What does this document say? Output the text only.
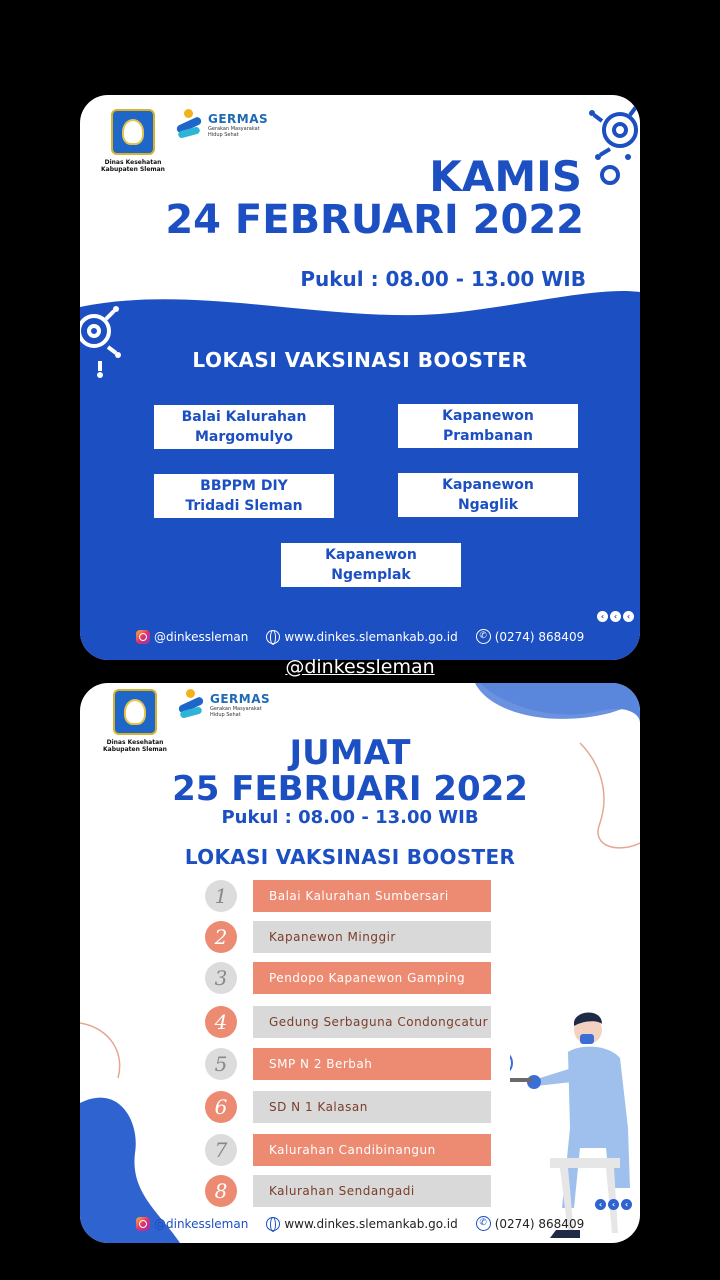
Dinas Kesehatan
Kabupaten Sleman
GERMAS
Gerakan Masyarakat
Hidup Sehat
KAMIS
24 FEBRUARI 2022
Pukul : 08.00 - 13.00 WIB
LOKASI VAKSINASI BOOSTER
Balai Kalurahan
Margomulyo
Kapanewon
Prambanan
BBPPM DIY
Tridadi Sleman
Kapanewon
Ngaglik
Kapanewon
Ngemplak
‹	‹	‹
@dinkessleman	www.dinkes.slemankab.go.id	✆ (0274) 868409
@dinkessleman
Dinas Kesehatan
Kabupaten Sleman
GERMAS
Gerakan Masyarakat
Hidup Sehat
JUMAT
25 FEBRUARI 2022
Pukul : 08.00 - 13.00 WIB
LOKASI VAKSINASI BOOSTER
1	Balai Kalurahan Sumbersari
2	Kapanewon Minggir
3	Pendopo Kapanewon Gamping
4	Gedung Serbaguna Condongcatur
5	SMP N 2 Berbah
6	SD N 1 Kalasan
7	Kalurahan Candibinangun
8	Kalurahan Sendangadi
‹	‹	‹
@dinkessleman	www.dinkes.slemankab.go.id	✆ (0274) 868409
